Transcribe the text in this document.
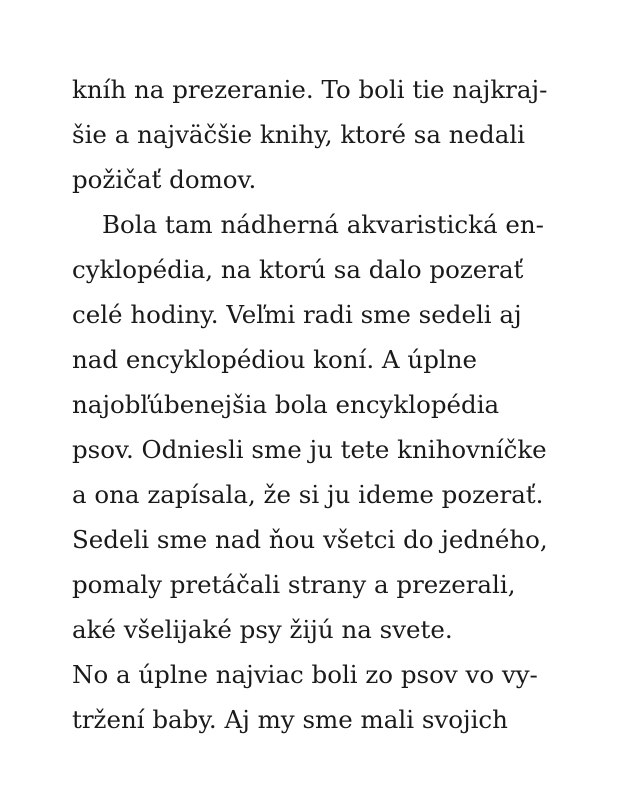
kníh na prezeranie. To boli tie najkraj-
šie a najväčšie knihy, ktoré sa nedali
požičať domov.
Bola tam nádherná akvaristická en-
cyklopédia, na ktorú sa dalo pozerať
celé hodiny. Veľmi radi sme sedeli aj
nad encyklopédiou koní. A úplne
najobľúbenejšia bola encyklopédia
psov. Odniesli sme ju tete knihovníčke
a ona zapísala, že si ju ideme pozerať.
Sedeli sme nad ňou všetci do jedného,
pomaly pretáčali strany a prezerali,
aké všelijaké psy žijú na svete.
No a úplne najviac boli zo psov vo vy-
tržení baby. Aj my sme mali svojich
